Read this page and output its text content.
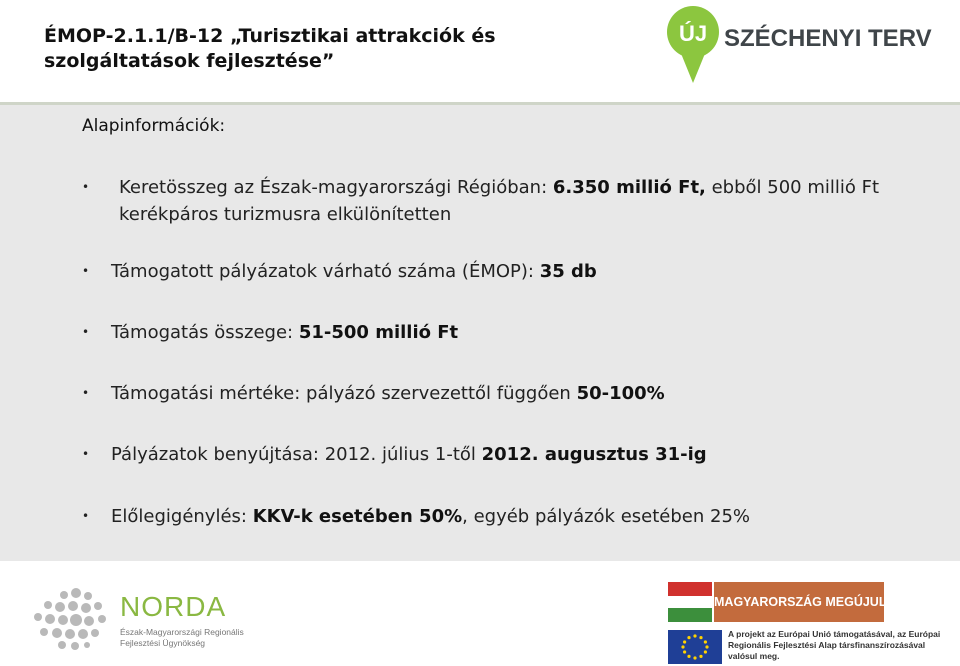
ÉMOP-2.1.1/B-12 „Turisztikai attrakciók és
szolgáltatások fejlesztése”
ÚJ SZÉCHENYI TERV
Alapinformációk:
• Keretösszeg az Észak-magyarországi Régióban: 6.350 millió Ft, ebből 500 millió Ft kerékpáros turizmusra elkülönítetten
• Támogatott pályázatok várható száma (ÉMOP): 35 db
• Támogatás összege: 51-500 millió Ft
• Támogatási mértéke: pályázó szervezettől függően 50-100%
• Pályázatok benyújtása: 2012. július 1-től 2012. augusztus 31-ig
• Előlegigénylés: KKV-k esetében 50%, egyéb pályázók esetében 25%
NORDA
Észak-Magyarországi Regionális Fejlesztési Ügynökség
MAGYARORSZÁG MEGÚJUL
A projekt az Európai Unió támogatásával, az Európai Regionális Fejlesztési Alap társfinanszírozásával valósul meg.
